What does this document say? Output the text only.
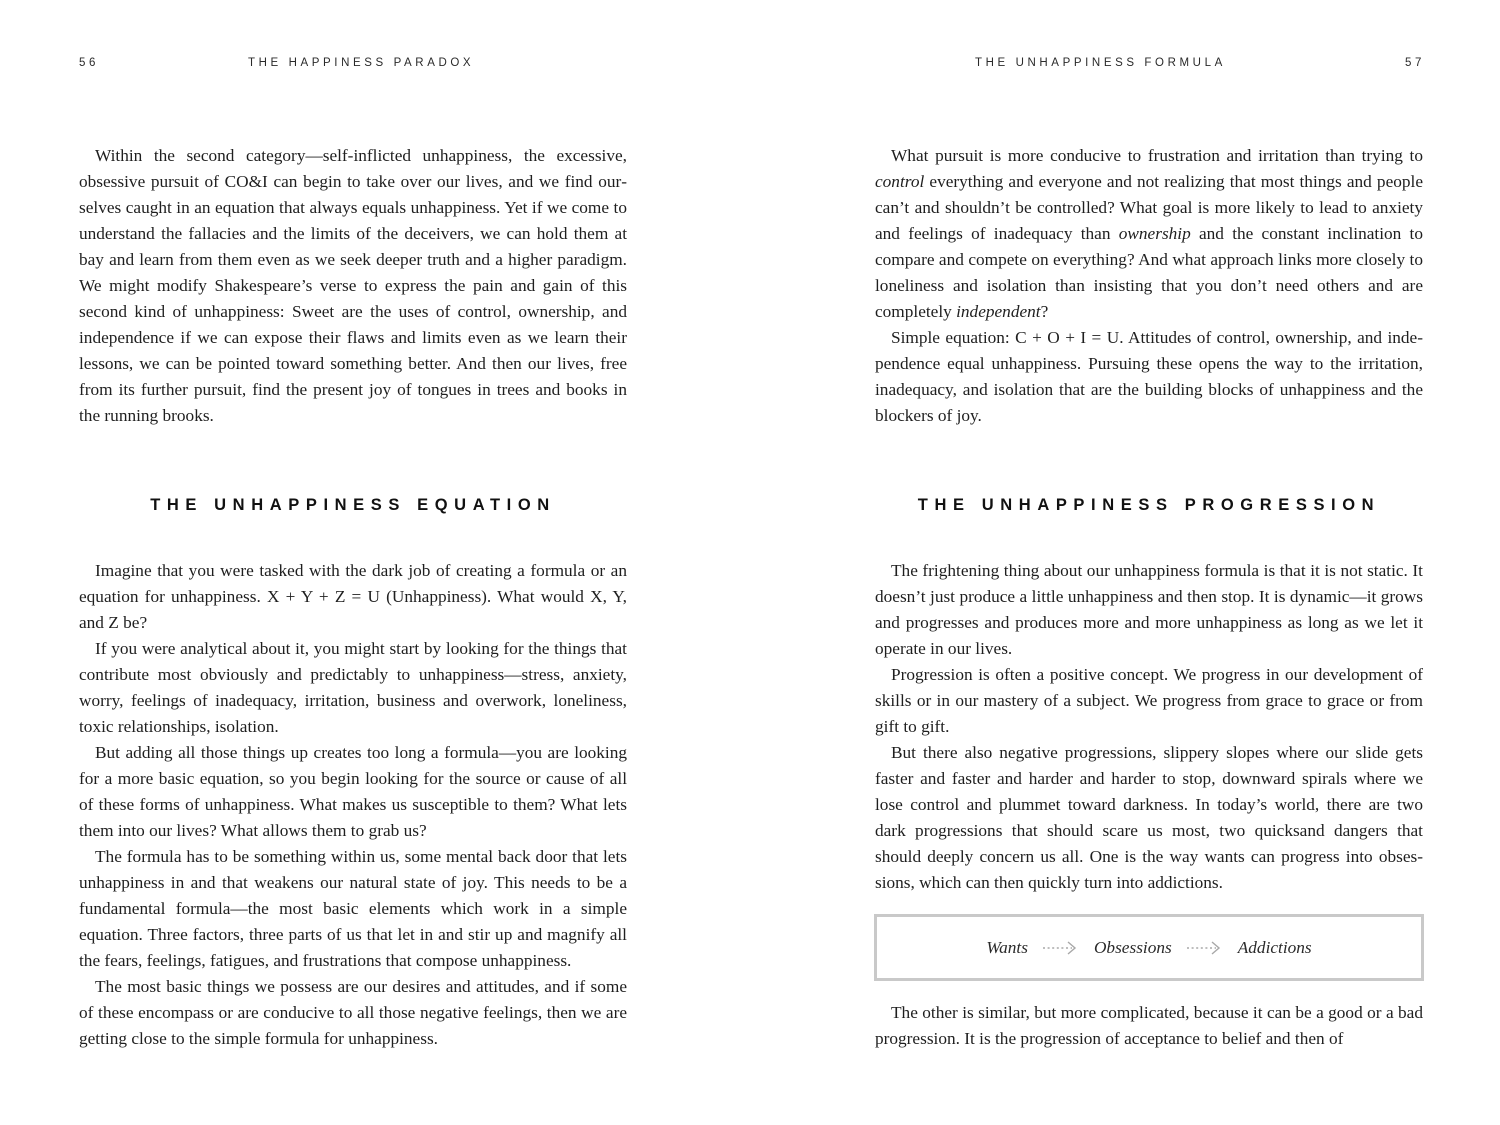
56	THE HAPPINESS PARADOX

Within the second category—self-inflicted unhappiness, the excessive, obsessive pursuit of CO&I can begin to take over our lives, and we find ourselves caught in an equation that always equals unhappiness. Yet if we come to understand the fallacies and the limits of the deceivers, we can hold them at bay and learn from them even as we seek deeper truth and a higher paradigm. We might modify Shakespeare’s verse to express the pain and gain of this second kind of unhappiness: Sweet are the uses of control, ownership, and independence if we can expose their flaws and limits even as we learn their lessons, we can be pointed toward something better. And then our lives, free from its further pursuit, find the present joy of tongues in trees and books in the running brooks.

THE UNHAPPINESS EQUATION

Imagine that you were tasked with the dark job of creating a formula or an equation for unhappiness. X + Y + Z = U (Unhappiness). What would X, Y, and Z be?

If you were analytical about it, you might start by looking for the things that contribute most obviously and predictably to unhappiness—stress, anxiety, worry, feelings of inadequacy, irritation, business and overwork, loneliness, toxic relationships, isolation.

But adding all those things up creates too long a formula—you are looking for a more basic equation, so you begin looking for the source or cause of all of these forms of unhappiness. What makes us susceptible to them? What lets them into our lives? What allows them to grab us?

The formula has to be something within us, some mental back door that lets unhappiness in and that weakens our natural state of joy. This needs to be a fundamental formula—the most basic elements which work in a simple equation. Three factors, three parts of us that let in and stir up and magnify all the fears, feelings, fatigues, and frustrations that compose unhappiness.

The most basic things we possess are our desires and attitudes, and if some of these encompass or are conducive to all those negative feelings, then we are getting close to the simple formula for unhappiness.

THE UNHAPPINESS FORMULA	57

What pursuit is more conducive to frustration and irritation than trying to control everything and everyone and not realizing that most things and people can’t and shouldn’t be controlled? What goal is more likely to lead to anxiety and feelings of inadequacy than ownership and the constant inclination to compare and compete on everything? And what approach links more closely to loneliness and isolation than insisting that you don’t need others and are completely independent?

Simple equation: C + O + I = U. Attitudes of control, ownership, and independence equal unhappiness. Pursuing these opens the way to the irritation, inadequacy, and isolation that are the building blocks of unhappiness and the blockers of joy.

THE UNHAPPINESS PROGRESSION

The frightening thing about our unhappiness formula is that it is not static. It doesn’t just produce a little unhappiness and then stop. It is dynamic—it grows and progresses and produces more and more unhappiness as long as we let it operate in our lives.

Progression is often a positive concept. We progress in our development of skills or in our mastery of a subject. We progress from grace to grace or from gift to gift.

But there also negative progressions, slippery slopes where our slide gets faster and faster and harder and harder to stop, downward spirals where we lose control and plummet toward darkness. In today’s world, there are two dark progressions that should scare us most, two quicksand dangers that should deeply concern us all. One is the way wants can progress into obsessions, which can then quickly turn into addictions.

Wants	Obsessions	Addictions

The other is similar, but more complicated, because it can be a good or a bad progression. It is the progression of acceptance to belief and then of
